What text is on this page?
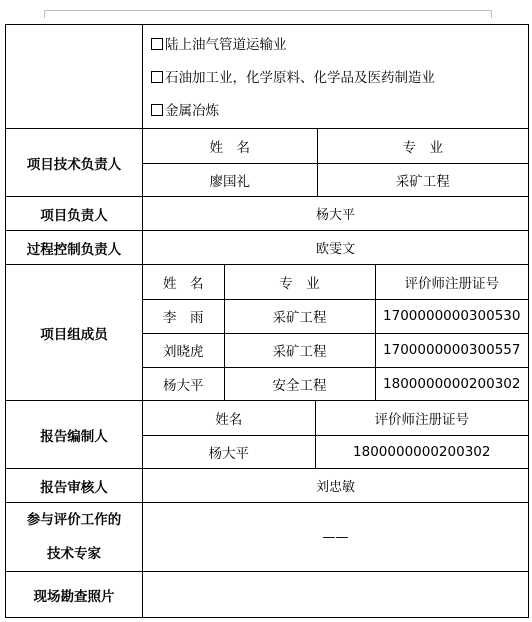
陆上油气管道运输业
石油加工业，化学原料、化学品及医药制造业
金属冶炼

项目技术负责人	
姓　名	专　业
廖国礼	采矿工程

项目负责人	杨大平
过程控制负责人	欧雯文
项目组成员	
姓　名	专　业	评价师注册证号
李　雨	采矿工程	1700000000300530
刘晓虎	采矿工程	1700000000300557
杨大平	安全工程	1800000000200302

报告编制人	
姓名	评价师注册证号
杨大平	1800000000200302

报告审核人	刘忠敏
参与评价工作的
技术专家	——
现场勘查照片	
